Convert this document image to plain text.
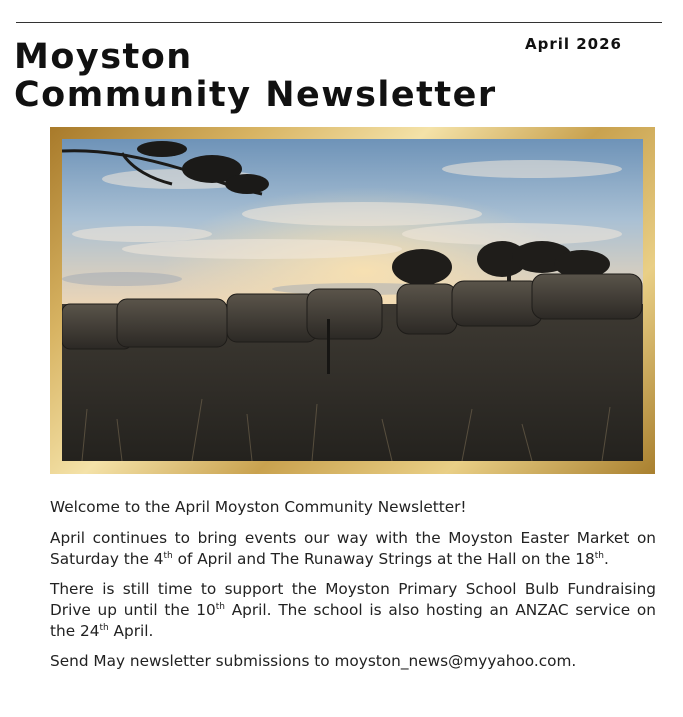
April 2026
Moyston
Community Newsletter

Welcome to the April Moyston Community Newsletter!

April continues to bring events our way with the Moyston Easter Market on Saturday the 4th of April and The Runaway Strings at the Hall on the 18th.

There is still time to support the Moyston Primary School Bulb Fundraising Drive up until the 10th April. The school is also hosting an ANZAC service on the 24th April.

Send May newsletter submissions to moyston_news@myyahoo.com.
